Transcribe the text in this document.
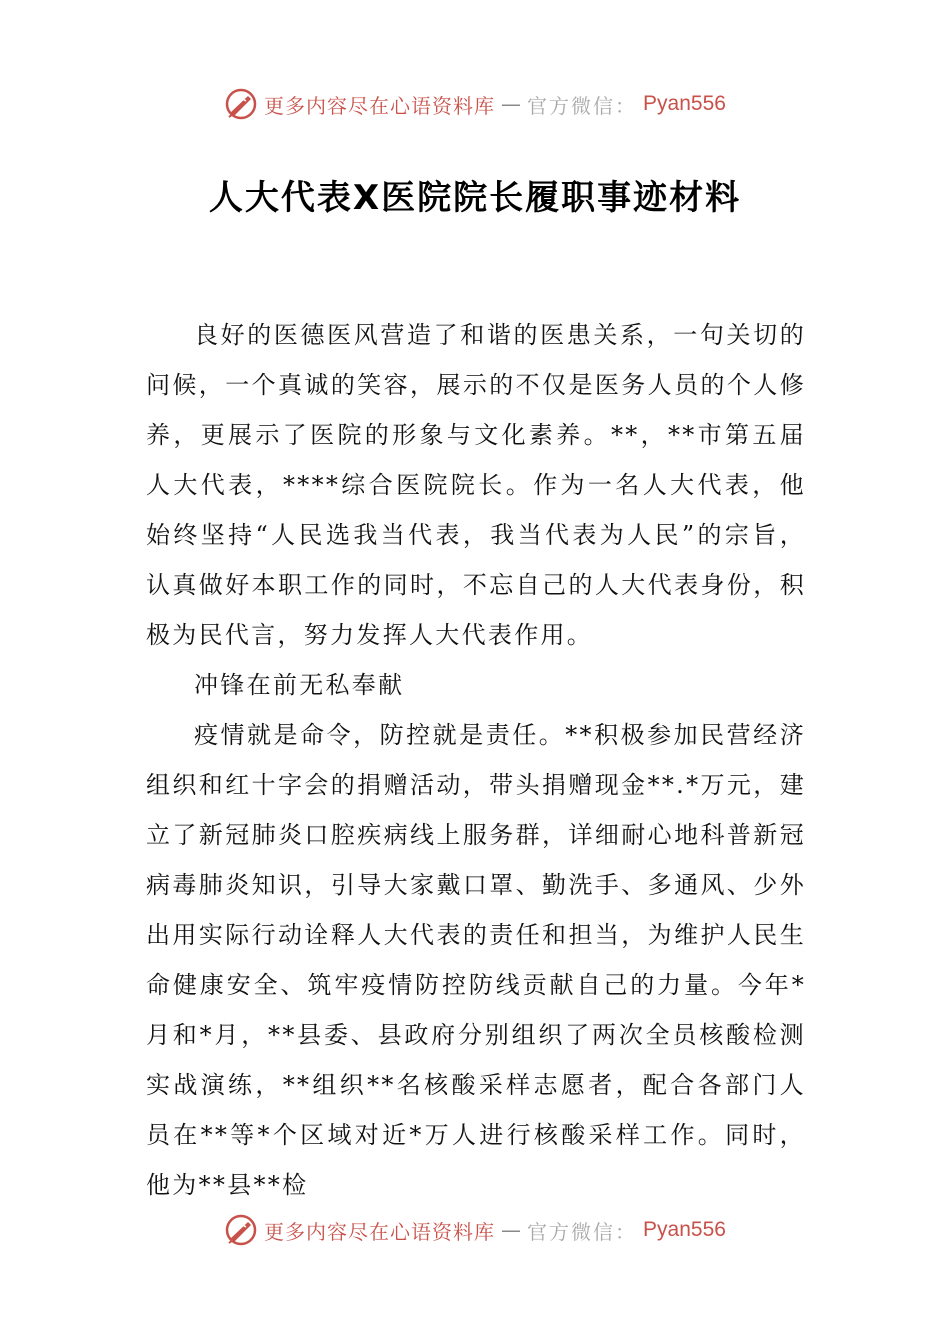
更多内容尽在心语资料库 — 官方微信： Pyan556
人大代表X医院院长履职事迹材料

良好的医德医风营造了和谐的医患关系，一句关切的问候，一个真诚的笑容，展示的不仅是医务人员的个人修养，更展示了医院的形象与文化素养。**，**市第五届人大代表，****综合医院院长。作为一名人大代表，他始终坚持“人民选我当代表，我当代表为人民”的宗旨，认真做好本职工作的同时，不忘自己的人大代表身份，积极为民代言，努力发挥人大代表作用。

冲锋在前无私奉献

疫情就是命令，防控就是责任。**积极参加民营经济组织和红十字会的捐赠活动，带头捐赠现金**.*万元，建立了新冠肺炎口腔疾病线上服务群，详细耐心地科普新冠病毒肺炎知识，引导大家戴口罩、勤洗手、多通风、少外出用实际行动诠释人大代表的责任和担当，为维护人民生命健康安全、筑牢疫情防控防线贡献自己的力量。今年*月和*月，**县委、县政府分别组织了两次全员核酸检测实战演练，**组织**名核酸采样志愿者，配合各部门人员在**等*个区域对近*万人进行核酸采样工作。同时，他为**县**检

更多内容尽在心语资料库 — 官方微信： Pyan556
